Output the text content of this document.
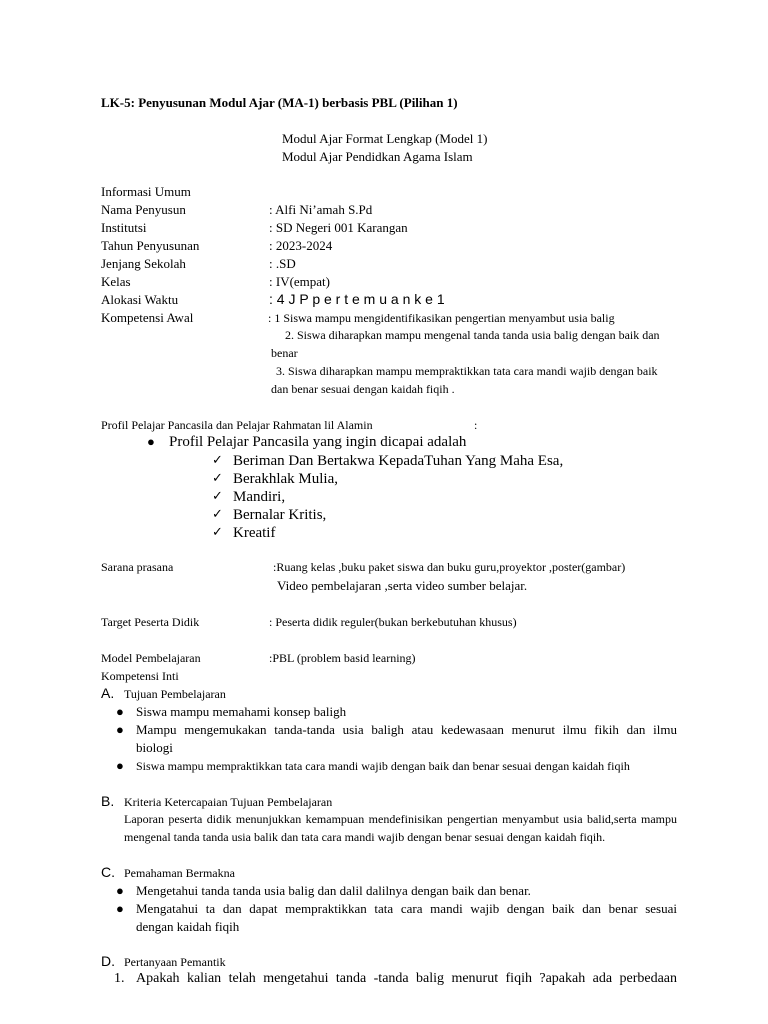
LK-5: Penyusunan Modul Ajar (MA-1) berbasis PBL (Pilihan 1)
Modul Ajar Format Lengkap (Model 1)
Modul Ajar Pendidkan Agama Islam
Informasi Umum
Nama Penyusun	: Alfi Ni’amah S.Pd
Institutsi	: SD Negeri 001 Karangan
Tahun Penyusunan	: 2023-2024
Jenjang Sekolah	: .SD
Kelas	: IV(empat)
Alokasi Waktu	: 4 J P p e r t e m u a n k e 1
Kompetensi Awal	: 1 Siswa mampu mengidentifikasikan pengertian menyambut usia balig
2. Siswa diharapkan mampu mengenal tanda tanda usia balig dengan baik dan
benar
3. Siswa diharapkan mampu mempraktikkan tata cara mandi wajib dengan baik
dan benar sesuai dengan kaidah fiqih .
Profil Pelajar Pancasila dan Pelajar Rahmatan lil Alamin	:
● Profil Pelajar Pancasila yang ingin dicapai adalah
✓ Beriman Dan Bertakwa KepadaTuhan Yang Maha Esa,
✓ Berakhlak Mulia,
✓ Mandiri,
✓ Bernalar Kritis,
✓ Kreatif
Sarana prasana	:Ruang kelas ,buku paket siswa dan buku guru,proyektor ,poster(gambar)
Video pembelajaran ,serta video sumber belajar.
Target Peserta Didik	: Peserta didik reguler(bukan berkebutuhan khusus)
Model Pembelajaran	:PBL (problem basid learning)
Kompetensi Inti
A. Tujuan Pembelajaran
● Siswa mampu memahami konsep baligh
● Mampu mengemukakan tanda-tanda usia baligh atau kedewasaan menurut ilmu fikih dan ilmu
biologi
● Siswa mampu mempraktikkan tata cara mandi wajib dengan baik dan benar sesuai dengan kaidah fiqih
B. Kriteria Ketercapaian Tujuan Pembelajaran
Laporan peserta didik menunjukkan kemampuan mendefinisikan pengertian menyambut usia balid,serta mampu
mengenal tanda tanda usia balik dan tata cara mandi wajib dengan benar sesuai dengan kaidah fiqih.
C. Pemahaman Bermakna
● Mengetahui tanda tanda usia balig dan dalil dalilnya dengan baik dan benar.
● Mengatahui ta dan dapat mempraktikkan tata cara mandi wajib dengan baik dan benar sesuai
dengan kaidah fiqih
D. Pertanyaan Pemantik
1. Apakah kalian telah mengetahui tanda -tanda balig menurut fiqih ?apakah ada perbedaan
